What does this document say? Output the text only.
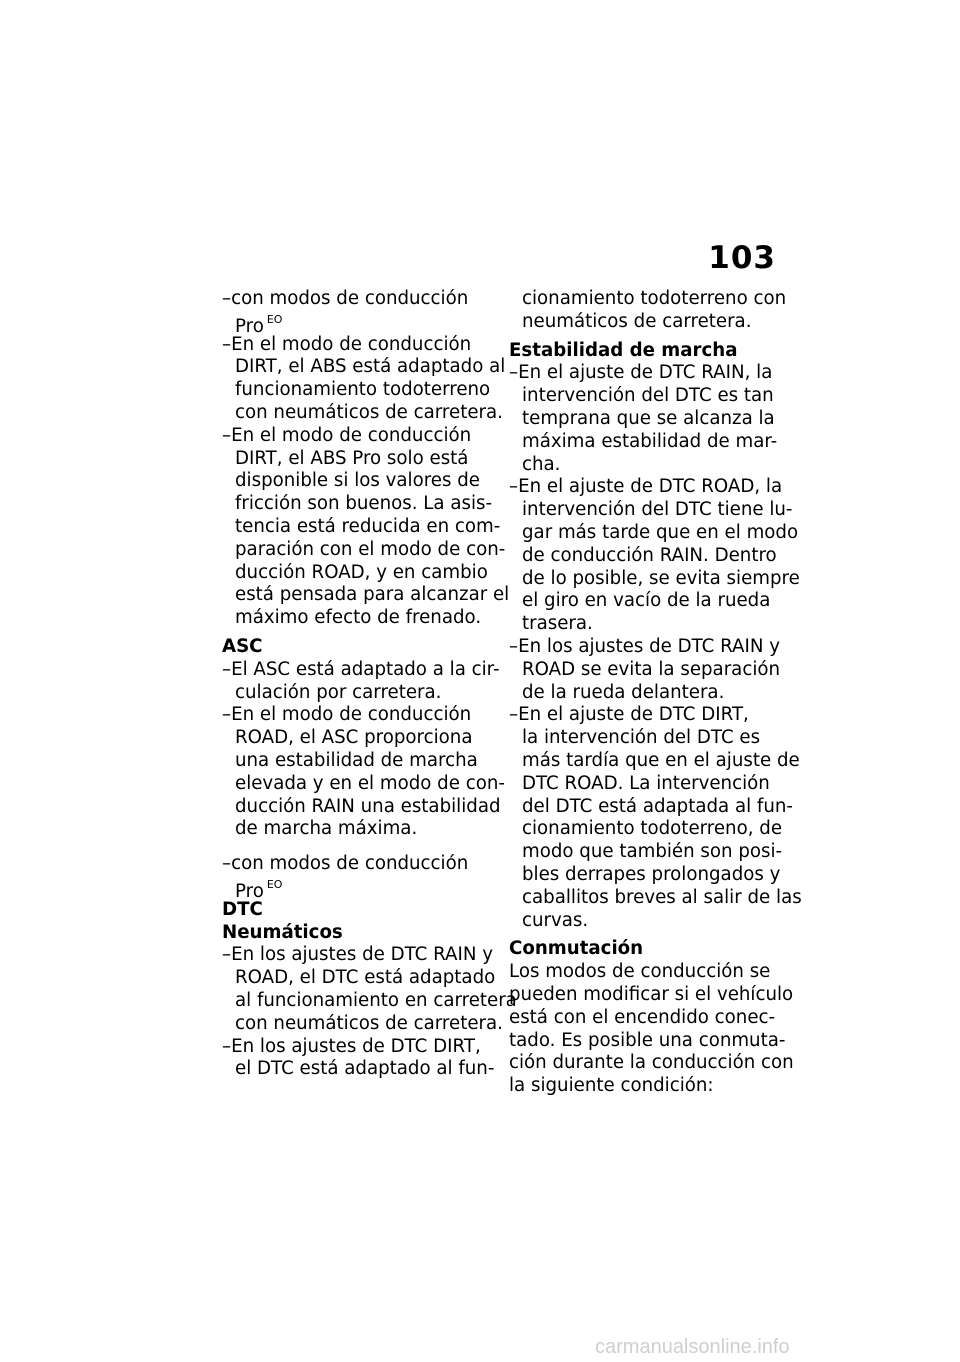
103
–con modos de conducción
Pro $^{EO}$
–En el modo de conducción
DIRT, el ABS está adaptado al
funcionamiento todoterreno
con neumáticos de carretera.
–En el modo de conducción
DIRT, el ABS Pro solo está
disponible si los valores de
fricción son buenos. La asis-
tencia está reducida en com-
paración con el modo de con-
ducción ROAD, y en cambio
está pensada para alcanzar el
máximo efecto de frenado.
ASC
–El ASC está adaptado a la cir-
culación por carretera.
–En el modo de conducción
ROAD, el ASC proporciona
una estabilidad de marcha
elevada y en el modo de con-
ducción RAIN una estabilidad
de marcha máxima.
–con modos de conducción
Pro $^{EO}$
DTC
Neumáticos
–En los ajustes de DTC RAIN y
ROAD, el DTC está adaptado
al funcionamiento en carretera
con neumáticos de carretera.
–En los ajustes de DTC DIRT,
el DTC está adaptado al fun-
cionamiento todoterreno con
neumáticos de carretera.
Estabilidad de marcha
–En el ajuste de DTC RAIN, la
intervención del DTC es tan
temprana que se alcanza la
máxima estabilidad de mar-
cha.
–En el ajuste de DTC ROAD, la
intervención del DTC tiene lu-
gar más tarde que en el modo
de conducción RAIN. Dentro
de lo posible, se evita siempre
el giro en vacío de la rueda
trasera.
–En los ajustes de DTC RAIN y
ROAD se evita la separación
de la rueda delantera.
–En el ajuste de DTC DIRT,
la intervención del DTC es
más tardía que en el ajuste de
DTC ROAD. La intervención
del DTC está adaptada al fun-
cionamiento todoterreno, de
modo que también son posi-
bles derrapes prolongados y
caballitos breves al salir de las
curvas.
Conmutación
Los modos de conducción se
pueden modificar si el vehículo
está con el encendido conec-
tado. Es posible una conmuta-
ción durante la conducción con
la siguiente condición:
carmanualsonline.info
